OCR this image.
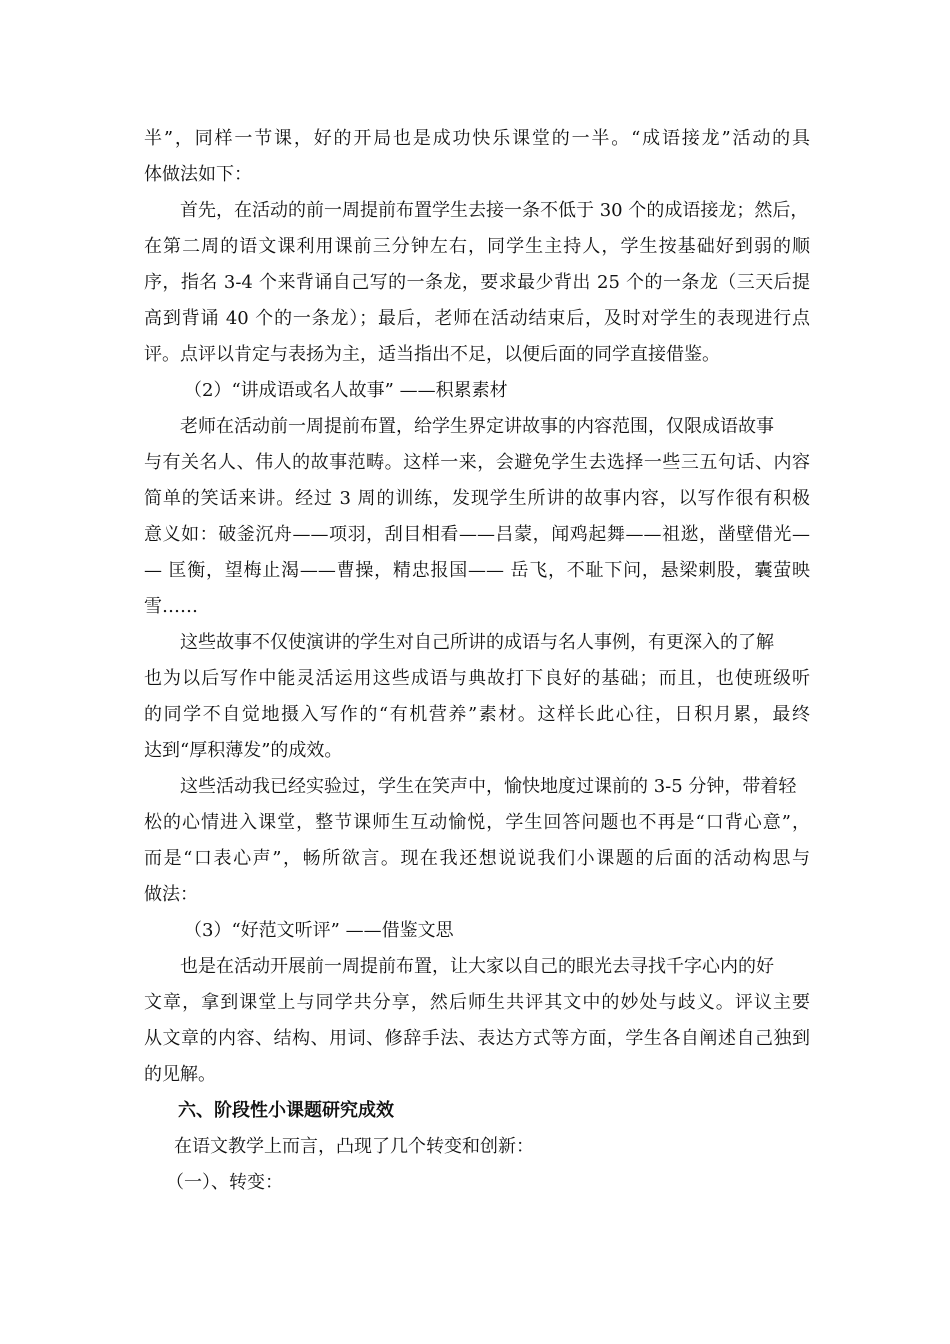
半”，同样一节课，好的开局也是成功快乐课堂的一半。“成语接龙”活动的具
体做法如下：
首先，在活动的前一周提前布置学生去接一条不低于 30 个的成语接龙；然后，
在第二周的语文课利用课前三分钟左右，同学生主持人，学生按基础好到弱的顺
序，指名 3-4 个来背诵自己写的一条龙，要求最少背出 25 个的一条龙（三天后提
高到背诵 40 个的一条龙）；最后，老师在活动结束后，及时对学生的表现进行点
评。点评以肯定与表扬为主，适当指出不足，以便后面的同学直接借鉴。
（2）“讲成语或名人故事” ——积累素材
老师在活动前一周提前布置，给学生界定讲故事的内容范围，仅限成语故事
与有关名人、伟人的故事范畴。这样一来，会避免学生去选择一些三五句话、内容
简单的笑话来讲。经过 3 周的训练，发现学生所讲的故事内容，以写作很有积极
意义如：破釜沉舟——项羽，刮目相看——吕蒙，闻鸡起舞——祖逖，凿壁借光—
— 匡衡，望梅止渴——曹操，精忠报国—— 岳飞，不耻下问，悬梁刺股，囊萤映
雪……
这些故事不仅使演讲的学生对自己所讲的成语与名人事例，有更深入的了解
也为以后写作中能灵活运用这些成语与典故打下良好的基础；而且，也使班级听
的同学不自觉地摄入写作的“有机营养”素材。这样长此心往，日积月累，最终
达到“厚积薄发”的成效。
这些活动我已经实验过，学生在笑声中，愉快地度过课前的 3-5 分钟，带着轻
松的心情进入课堂，整节课师生互动愉悦，学生回答问题也不再是“口背心意”，
而是“口表心声”，畅所欲言。现在我还想说说我们小课题的后面的活动构思与
做法：
（3）“好范文听评” ——借鉴文思
也是在活动开展前一周提前布置，让大家以自己的眼光去寻找千字心内的好
文章，拿到课堂上与同学共分享，然后师生共评其文中的妙处与歧义。评议主要
从文章的内容、结构、用词、修辞手法、表达方式等方面，学生各自阐述自己独到
的见解。
六、阶段性小课题研究成效
在语文教学上而言，凸现了几个转变和创新：
（一）、转变：
